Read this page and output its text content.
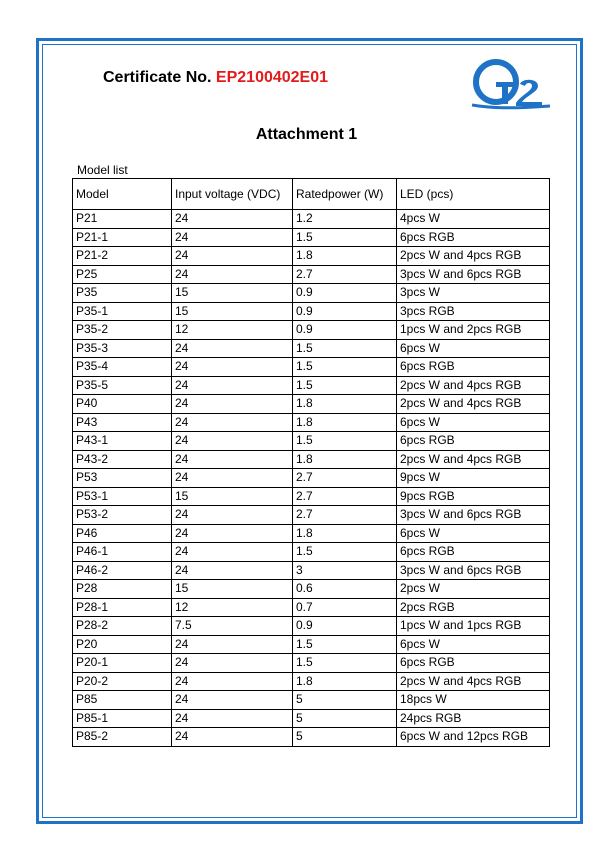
Certificate No. EP2100402E01
Attachment 1
Model list
Model	Input voltage (VDC)	Ratedpower (W)	LED (pcs)
P21	24	1.2	4pcs W
P21-1	24	1.5	6pcs RGB
P21-2	24	1.8	2pcs W and 4pcs RGB
P25	24	2.7	3pcs W and 6pcs RGB
P35	15	0.9	3pcs W
P35-1	15	0.9	3pcs RGB
P35-2	12	0.9	1pcs W and 2pcs RGB
P35-3	24	1.5	6pcs W
P35-4	24	1.5	6pcs RGB
P35-5	24	1.5	2pcs W and 4pcs RGB
P40	24	1.8	2pcs W and 4pcs RGB
P43	24	1.8	6pcs W
P43-1	24	1.5	6pcs RGB
P43-2	24	1.8	2pcs W and 4pcs RGB
P53	24	2.7	9pcs W
P53-1	15	2.7	9pcs RGB
P53-2	24	2.7	3pcs W and 6pcs RGB
P46	24	1.8	6pcs W
P46-1	24	1.5	6pcs RGB
P46-2	24	3	3pcs W and 6pcs RGB
P28	15	0.6	2pcs W
P28-1	12	0.7	2pcs RGB
P28-2	7.5	0.9	1pcs W and 1pcs RGB
P20	24	1.5	6pcs W
P20-1	24	1.5	6pcs RGB
P20-2	24	1.8	2pcs W and 4pcs RGB
P85	24	5	18pcs W
P85-1	24	5	24pcs RGB
P85-2	24	5	6pcs W and 12pcs RGB
